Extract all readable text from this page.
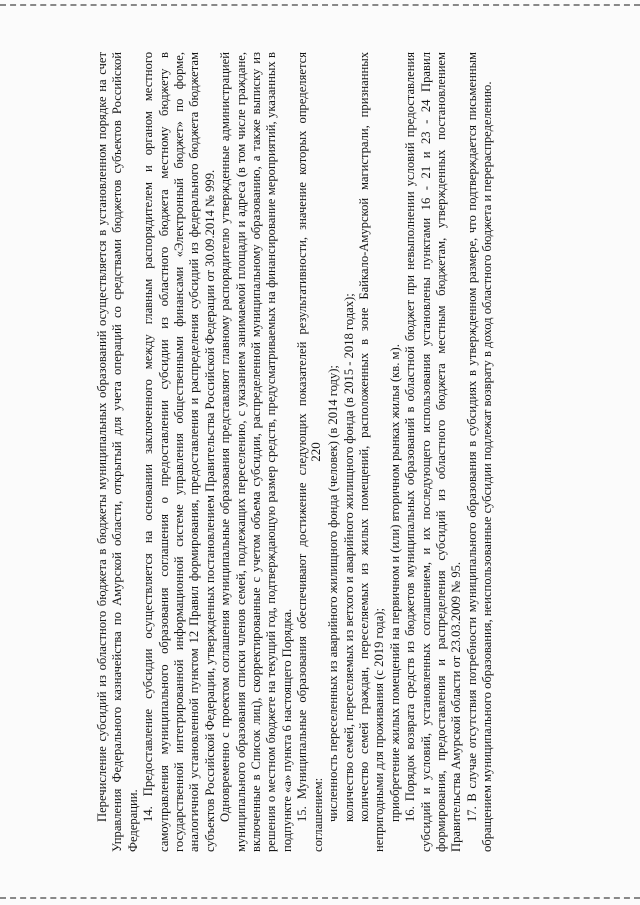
220

Перечисление субсидий из областного бюджета в бюджеты муниципальных образований осуществляется в установленном порядке на счет Управления Федерального казначейства по Амурской области, открытый для учета операций со средствами бюджетов субъектов Российской Федерации. 14. Предоставление субсидии осуществляется на основании заключенного между главным распорядителем и органом местного самоуправления муниципального образования соглашения о предоставлении субсидии из областного бюджета местному бюджету в государственной интегрированной информационной системе управления общественными финансами «Электронный бюджет» по форме, аналогичной установленной пунктом 12 Правил формирования, предоставления и распределения субсидий из федерального бюджета бюджетам субъектов Российской Федерации, утвержденных постановлением Правительства Российской Федерации от 30.09.2014 № 999. Одновременно с проектом соглашения муниципальные образования представляют главному распорядителю утвержденные администрацией муниципального образования списки членов семей, подлежащих переселению, с указанием занимаемой площади и адреса (в том числе граждане, включенные в Список лиц), скорректированные с учетом объема субсидии, распределенной муниципальному образованию, а также выписку из решения о местном бюджете на текущий год, подтверждающую размер средств, предусматриваемых на финансирование мероприятий, указанных в подпункте «а» пункта 6 настоящего Порядка. 15. Муниципальные образования обеспечивают достижение следующих показателей результативности, значение которых определяется соглашением: численность переселенных из аварийного жилищного фонда (человек) (в 2014 году); количество семей, переселяемых из ветхого и аварийного жилищного фонда (в 2015 - 2018 годах); количество семей граждан, переселяемых из жилых помещений, расположенных в зоне Байкало-Амурской магистрали, признанных непригодными для проживания (с 2019 года); приобретение жилых помещений на первичном и (или) вторичном рынках жилья (кв. м). 16. Порядок возврата средств из бюджетов муниципальных образований в областной бюджет при невыполнении условий предоставления субсидий и условий, установленных соглашением, и их последующего использования установлены пунктами 16 - 21 и 23 - 24 Правил формирования, предоставления и распределения субсидий из областного бюджета местным бюджетам, утвержденных постановлением Правительства Амурской области от 23.03.2009 № 95. 17. В случае отсутствия потребности муниципального образования в субсидиях в утвержденном размере, что подтверждается письменным обращением муниципального образования, неиспользованные субсидии подлежат возврату в доход областного бюджета и перераспределению.
